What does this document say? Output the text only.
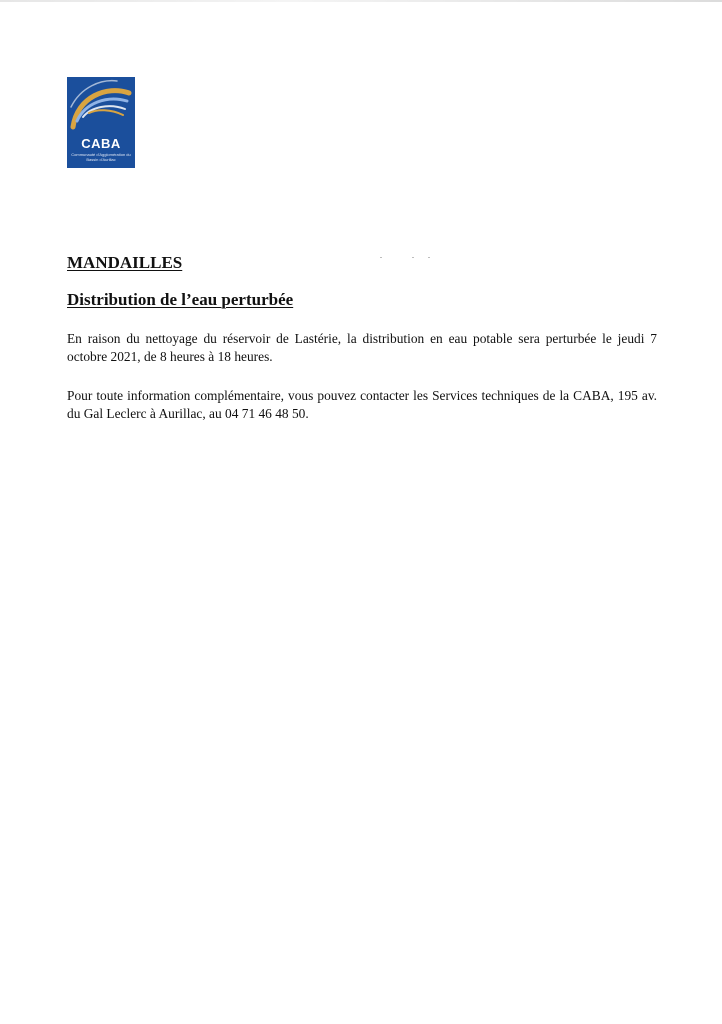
CABA
Communauté d'Agglomération du Bassin d'Aurillac
MANDAILLES
Distribution de l’eau perturbée

En raison du nettoyage du réservoir de Lastérie, la distribution en eau potable sera perturbée le jeudi 7 octobre 2021, de 8 heures à 18 heures.

Pour toute information complémentaire, vous pouvez contacter les Services techniques de la CABA, 195 av. du Gal Leclerc à Aurillac, au 04 71 46 48 50.
